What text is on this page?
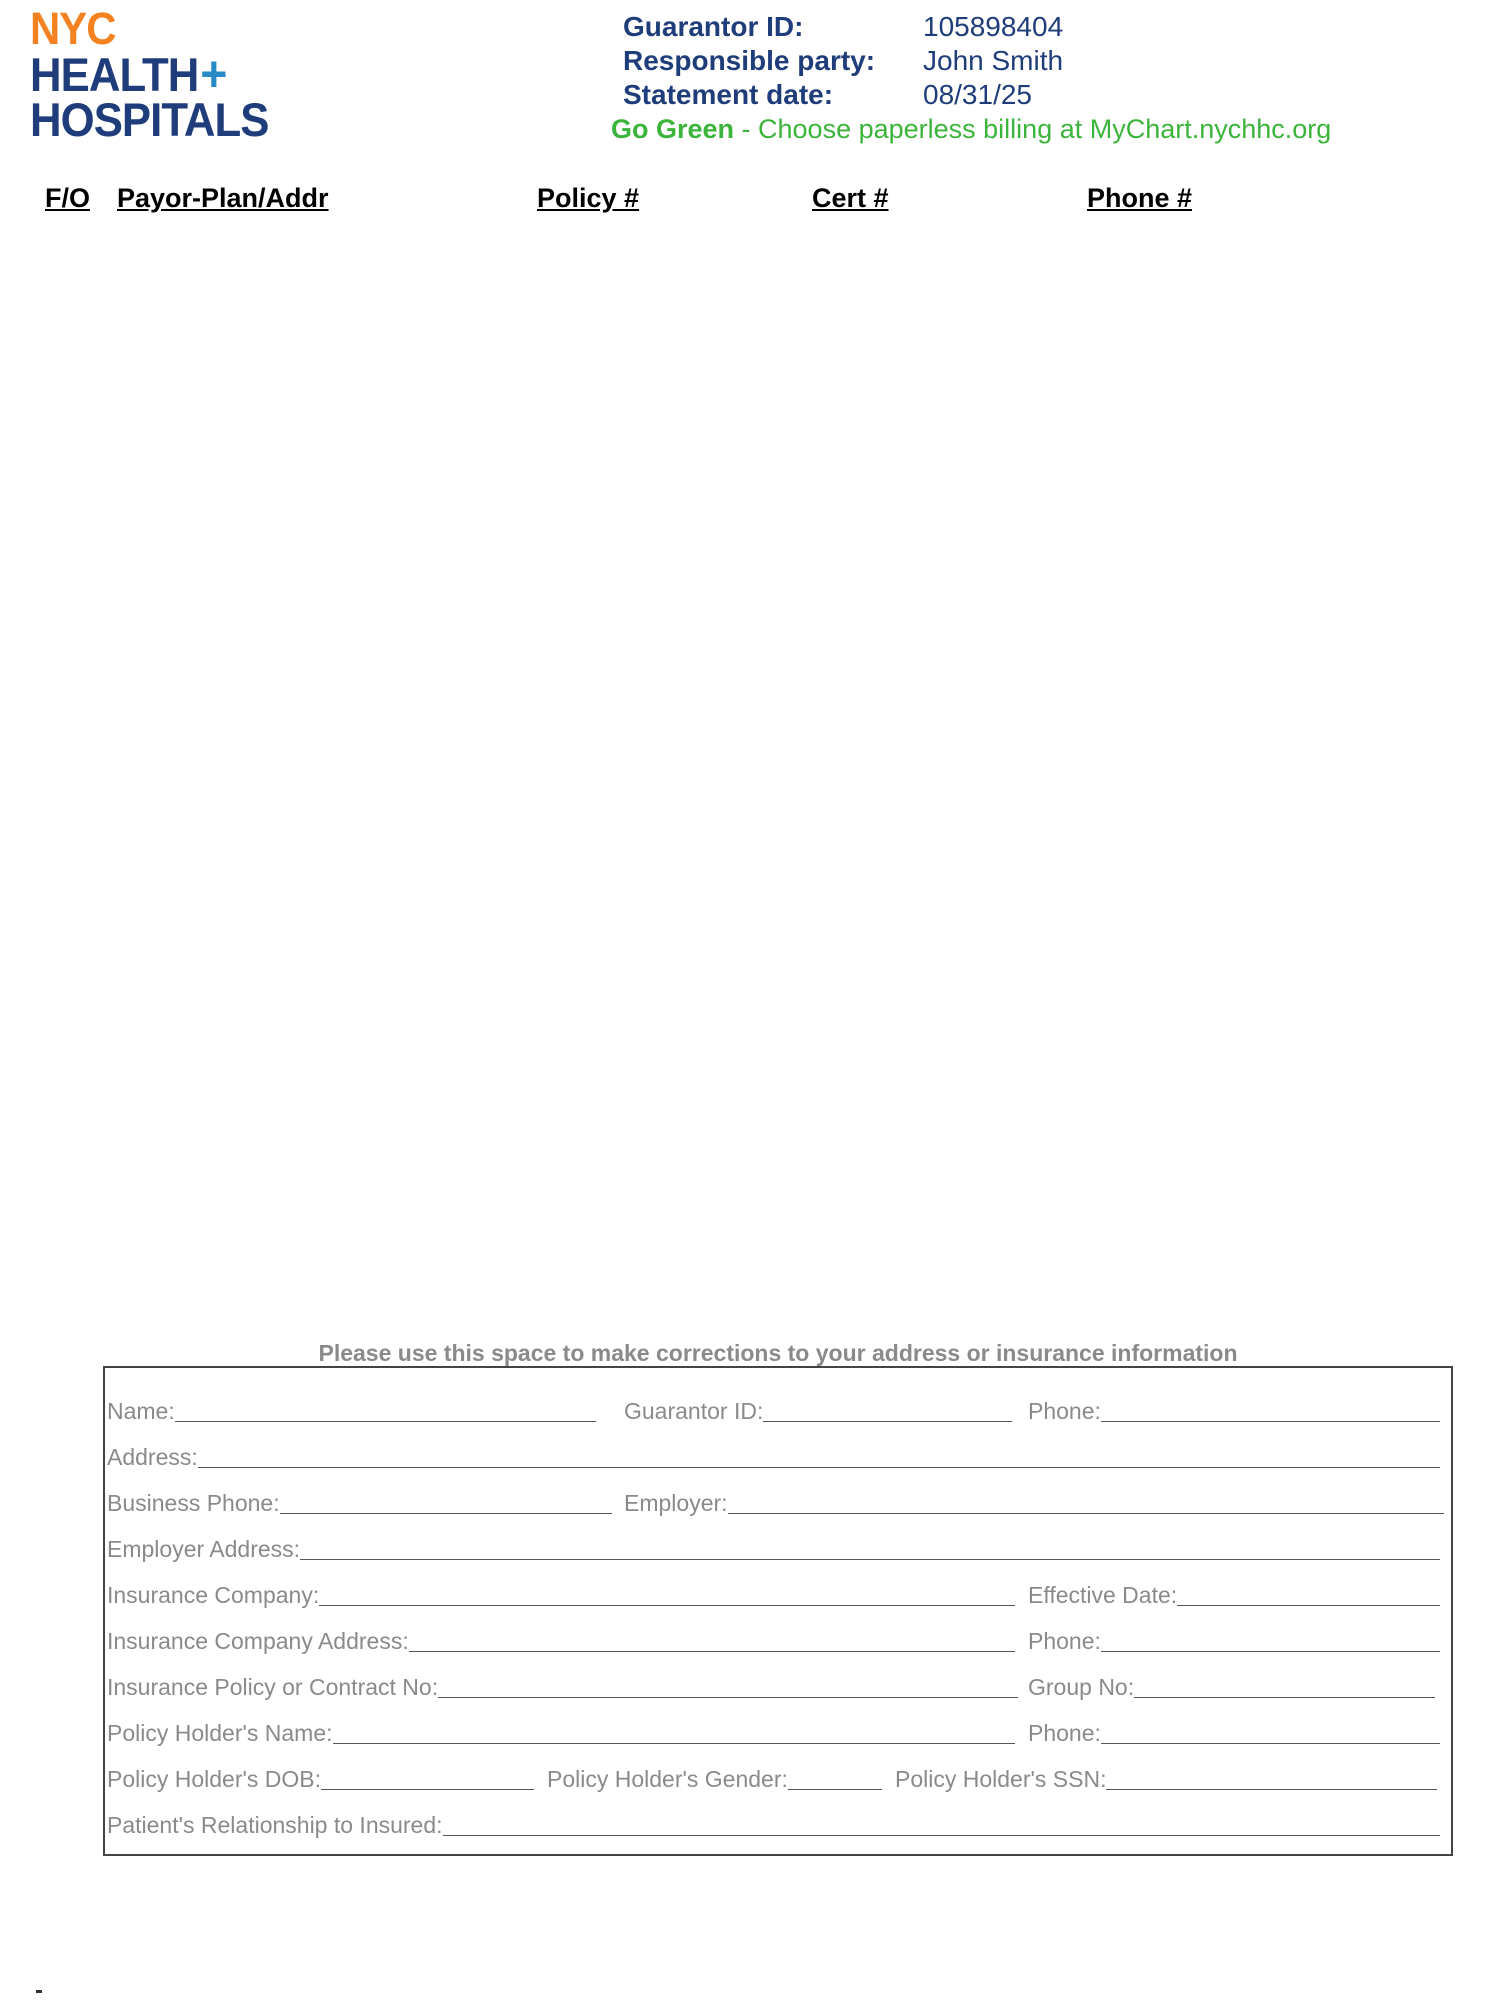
NYC
HEALTH+
HOSPITALS
Guarantor ID:	105898404
Responsible party: John Smith
Statement date:	08/31/25
Go Green - Choose paperless billing at MyChart.nychhc.org
F/O Payor-Plan/Addr	Policy #	Cert #	Phone #
Please use this space to make corrections to your address or insurance information
Name:	Guarantor ID:	Phone:
Address:
Business Phone:	Employer:
Employer Address:
Insurance Company:	Effective Date:
Insurance Company Address:	Phone:
Insurance Policy or Contract No:	Group No:
Policy Holder's Name:	Phone:
Policy Holder's DOB:	Policy Holder's Gender:	Policy Holder's SSN:
Patient's Relationship to Insured:
